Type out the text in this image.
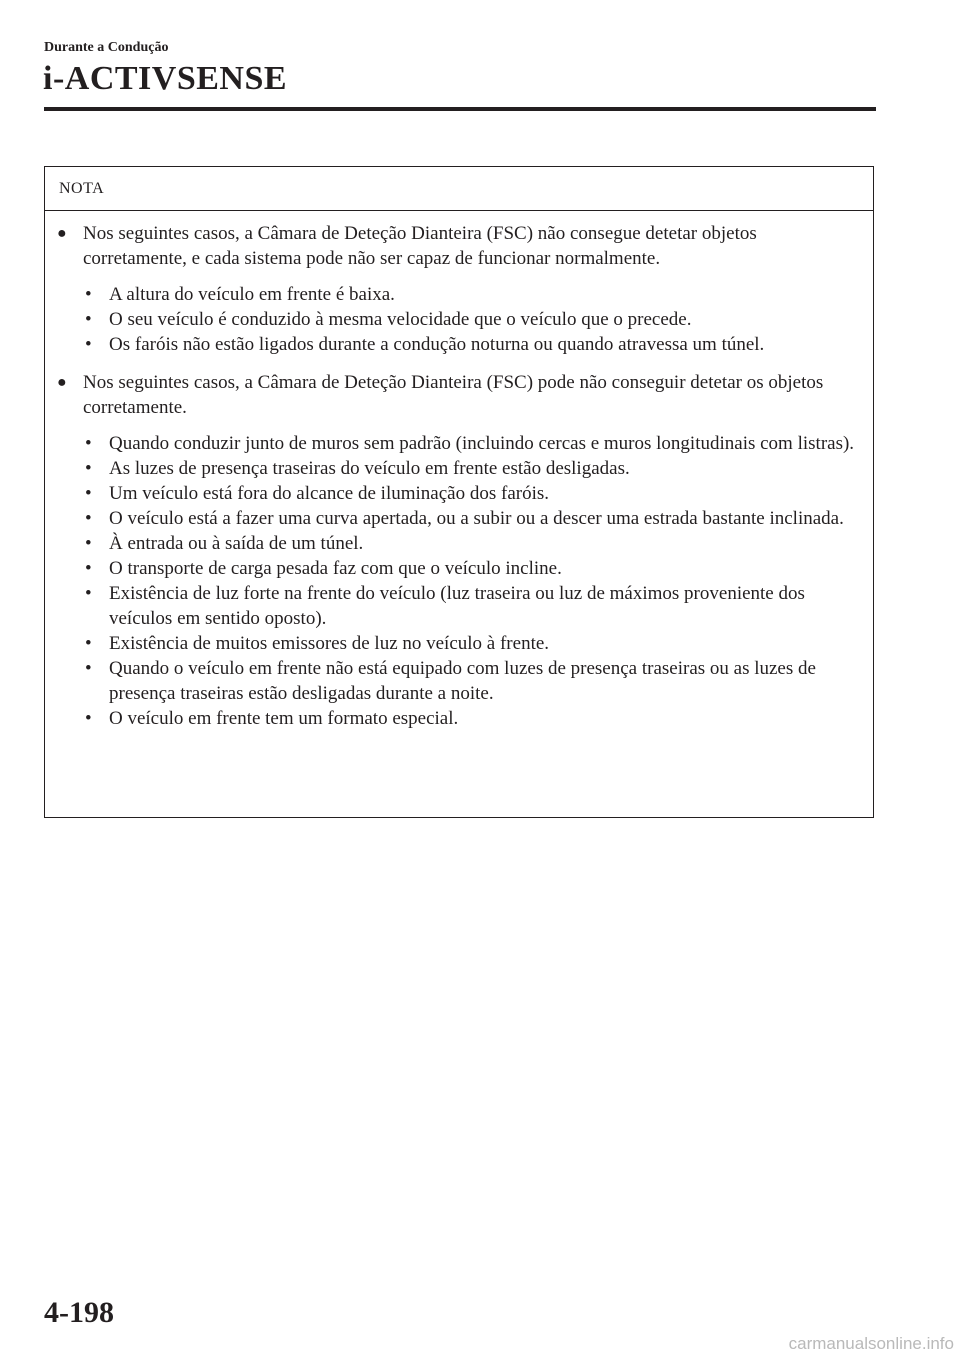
Durante a Condução
i-ACTIVSENSE
NOTA
● Nos seguintes casos, a Câmara de Deteção Dianteira (FSC) não consegue detetar objetos corretamente, e cada sistema pode não ser capaz de funcionar normalmente.
• A altura do veículo em frente é baixa.
• O seu veículo é conduzido à mesma velocidade que o veículo que o precede.
• Os faróis não estão ligados durante a condução noturna ou quando atravessa um túnel.
● Nos seguintes casos, a Câmara de Deteção Dianteira (FSC) pode não conseguir detetar os objetos corretamente.
• Quando conduzir junto de muros sem padrão (incluindo cercas e muros longitudinais com listras).
• As luzes de presença traseiras do veículo em frente estão desligadas.
• Um veículo está fora do alcance de iluminação dos faróis.
• O veículo está a fazer uma curva apertada, ou a subir ou a descer uma estrada bastante inclinada.
• À entrada ou à saída de um túnel.
• O transporte de carga pesada faz com que o veículo incline.
• Existência de luz forte na frente do veículo (luz traseira ou luz de máximos proveniente dos veículos em sentido oposto).
• Existência de muitos emissores de luz no veículo à frente.
• Quando o veículo em frente não está equipado com luzes de presença traseiras ou as luzes de presença traseiras estão desligadas durante a noite.
• O veículo em frente tem um formato especial.
4-198
carmanualsonline.info
